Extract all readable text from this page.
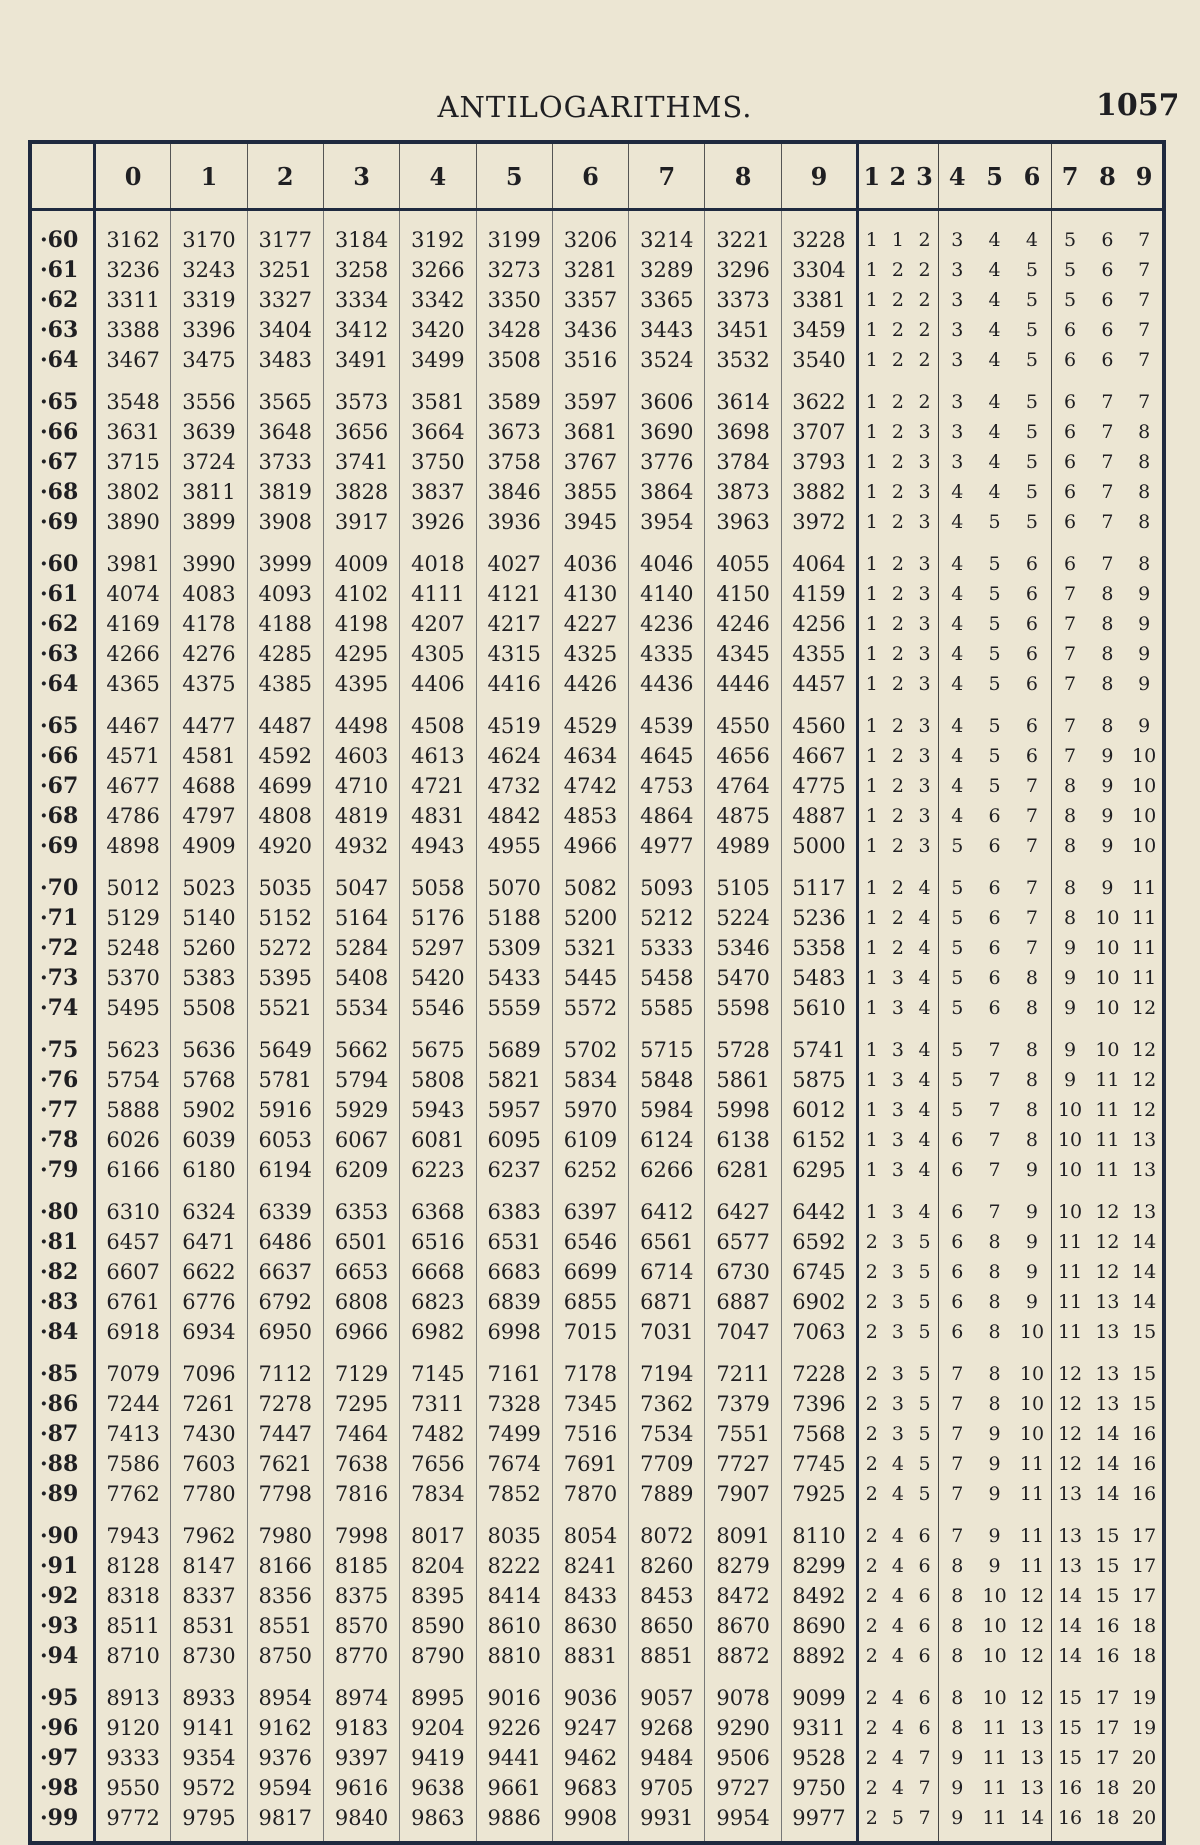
ANTILOGARITHMS.	1057
	0	1	2	3	4	5	6	7	8	9	1	2	3	4	5	6	7	8	9
·60	3162	3170	3177	3184	3192	3199	3206	3214	3221	3228	1	1	2	3	4	4	5	6	7
·61	3236	3243	3251	3258	3266	3273	3281	3289	3296	3304	1	2	2	3	4	5	5	6	7
·62	3311	3319	3327	3334	3342	3350	3357	3365	3373	3381	1	2	2	3	4	5	5	6	7
·63	3388	3396	3404	3412	3420	3428	3436	3443	3451	3459	1	2	2	3	4	5	6	6	7
·64	3467	3475	3483	3491	3499	3508	3516	3524	3532	3540	1	2	2	3	4	5	6	6	7
·65	3548	3556	3565	3573	3581	3589	3597	3606	3614	3622	1	2	2	3	4	5	6	7	7
·66	3631	3639	3648	3656	3664	3673	3681	3690	3698	3707	1	2	3	3	4	5	6	7	8
·67	3715	3724	3733	3741	3750	3758	3767	3776	3784	3793	1	2	3	3	4	5	6	7	8
·68	3802	3811	3819	3828	3837	3846	3855	3864	3873	3882	1	2	3	4	4	5	6	7	8
·69	3890	3899	3908	3917	3926	3936	3945	3954	3963	3972	1	2	3	4	5	5	6	7	8
·60	3981	3990	3999	4009	4018	4027	4036	4046	4055	4064	1	2	3	4	5	6	6	7	8
·61	4074	4083	4093	4102	4111	4121	4130	4140	4150	4159	1	2	3	4	5	6	7	8	9
·62	4169	4178	4188	4198	4207	4217	4227	4236	4246	4256	1	2	3	4	5	6	7	8	9
·63	4266	4276	4285	4295	4305	4315	4325	4335	4345	4355	1	2	3	4	5	6	7	8	9
·64	4365	4375	4385	4395	4406	4416	4426	4436	4446	4457	1	2	3	4	5	6	7	8	9
·65	4467	4477	4487	4498	4508	4519	4529	4539	4550	4560	1	2	3	4	5	6	7	8	9
·66	4571	4581	4592	4603	4613	4624	4634	4645	4656	4667	1	2	3	4	5	6	7	9	10
·67	4677	4688	4699	4710	4721	4732	4742	4753	4764	4775	1	2	3	4	5	7	8	9	10
·68	4786	4797	4808	4819	4831	4842	4853	4864	4875	4887	1	2	3	4	6	7	8	9	10
·69	4898	4909	4920	4932	4943	4955	4966	4977	4989	5000	1	2	3	5	6	7	8	9	10
·70	5012	5023	5035	5047	5058	5070	5082	5093	5105	5117	1	2	4	5	6	7	8	9	11
·71	5129	5140	5152	5164	5176	5188	5200	5212	5224	5236	1	2	4	5	6	7	8	10	11
·72	5248	5260	5272	5284	5297	5309	5321	5333	5346	5358	1	2	4	5	6	7	9	10	11
·73	5370	5383	5395	5408	5420	5433	5445	5458	5470	5483	1	3	4	5	6	8	9	10	11
·74	5495	5508	5521	5534	5546	5559	5572	5585	5598	5610	1	3	4	5	6	8	9	10	12
·75	5623	5636	5649	5662	5675	5689	5702	5715	5728	5741	1	3	4	5	7	8	9	10	12
·76	5754	5768	5781	5794	5808	5821	5834	5848	5861	5875	1	3	4	5	7	8	9	11	12
·77	5888	5902	5916	5929	5943	5957	5970	5984	5998	6012	1	3	4	5	7	8	10	11	12
·78	6026	6039	6053	6067	6081	6095	6109	6124	6138	6152	1	3	4	6	7	8	10	11	13
·79	6166	6180	6194	6209	6223	6237	6252	6266	6281	6295	1	3	4	6	7	9	10	11	13
·80	6310	6324	6339	6353	6368	6383	6397	6412	6427	6442	1	3	4	6	7	9	10	12	13
·81	6457	6471	6486	6501	6516	6531	6546	6561	6577	6592	2	3	5	6	8	9	11	12	14
·82	6607	6622	6637	6653	6668	6683	6699	6714	6730	6745	2	3	5	6	8	9	11	12	14
·83	6761	6776	6792	6808	6823	6839	6855	6871	6887	6902	2	3	5	6	8	9	11	13	14
·84	6918	6934	6950	6966	6982	6998	7015	7031	7047	7063	2	3	5	6	8	10	11	13	15
·85	7079	7096	7112	7129	7145	7161	7178	7194	7211	7228	2	3	5	7	8	10	12	13	15
·86	7244	7261	7278	7295	7311	7328	7345	7362	7379	7396	2	3	5	7	8	10	12	13	15
·87	7413	7430	7447	7464	7482	7499	7516	7534	7551	7568	2	3	5	7	9	10	12	14	16
·88	7586	7603	7621	7638	7656	7674	7691	7709	7727	7745	2	4	5	7	9	11	12	14	16
·89	7762	7780	7798	7816	7834	7852	7870	7889	7907	7925	2	4	5	7	9	11	13	14	16
·90	7943	7962	7980	7998	8017	8035	8054	8072	8091	8110	2	4	6	7	9	11	13	15	17
·91	8128	8147	8166	8185	8204	8222	8241	8260	8279	8299	2	4	6	8	9	11	13	15	17
·92	8318	8337	8356	8375	8395	8414	8433	8453	8472	8492	2	4	6	8	10	12	14	15	17
·93	8511	8531	8551	8570	8590	8610	8630	8650	8670	8690	2	4	6	8	10	12	14	16	18
·94	8710	8730	8750	8770	8790	8810	8831	8851	8872	8892	2	4	6	8	10	12	14	16	18
·95	8913	8933	8954	8974	8995	9016	9036	9057	9078	9099	2	4	6	8	10	12	15	17	19
·96	9120	9141	9162	9183	9204	9226	9247	9268	9290	9311	2	4	6	8	11	13	15	17	19
·97	9333	9354	9376	9397	9419	9441	9462	9484	9506	9528	2	4	7	9	11	13	15	17	20
·98	9550	9572	9594	9616	9638	9661	9683	9705	9727	9750	2	4	7	9	11	13	16	18	20
·99	9772	9795	9817	9840	9863	9886	9908	9931	9954	9977	2	5	7	9	11	14	16	18	20
